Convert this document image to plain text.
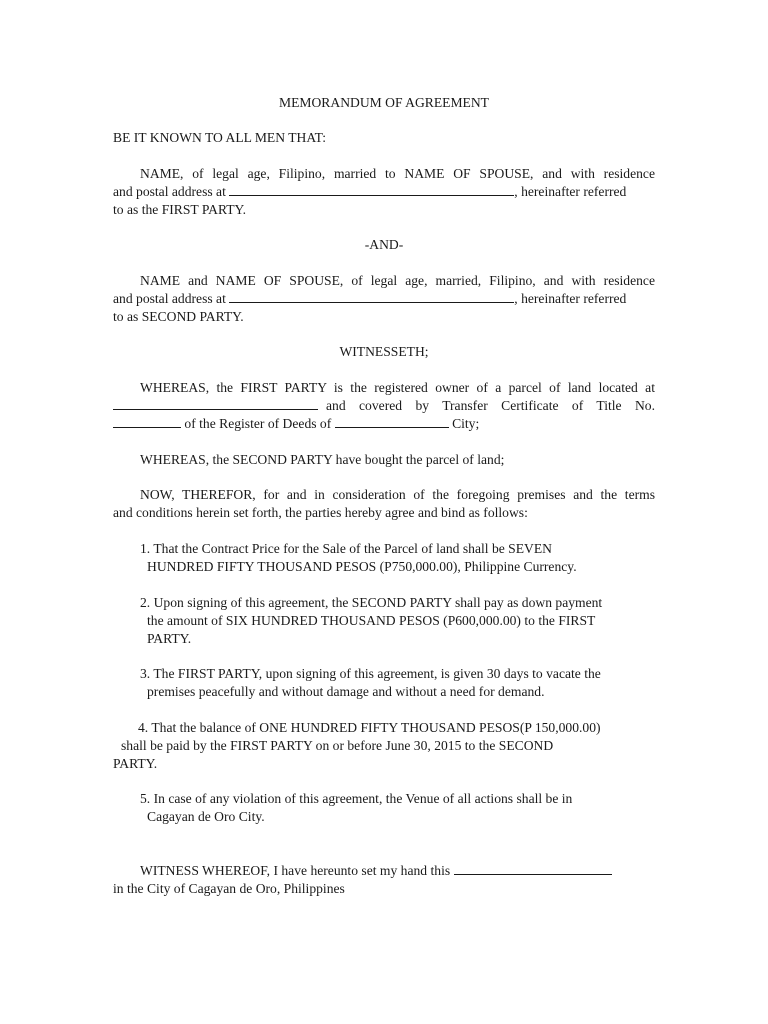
MEMORANDUM OF AGREEMENT
BE IT KNOWN TO ALL MEN THAT:
NAME, of legal age, Filipino, married to NAME OF SPOUSE, and with residence
and postal address at	, hereinafter referred
to as the FIRST PARTY.
-AND-
NAME and NAME OF SPOUSE, of legal age, married, Filipino, and with residence
and postal address at	, hereinafter referred
to as SECOND PARTY.
WITNESSETH;
WHEREAS, the FIRST PARTY is the registered owner of a parcel of land located at
and covered by Transfer Certificate of Title No.
of the Register of Deeds of	City;
WHEREAS, the SECOND PARTY have bought the parcel of land;
NOW, THEREFOR, for and in consideration of the foregoing premises and the terms
and conditions herein set forth, the parties hereby agree and bind as follows:
1. That the Contract Price for the Sale of the Parcel of land shall be SEVEN
HUNDRED FIFTY THOUSAND PESOS (P750,000.00), Philippine Currency.
2. Upon signing of this agreement, the SECOND PARTY shall pay as down payment
the amount of SIX HUNDRED THOUSAND PESOS (P600,000.00) to the FIRST
PARTY.
3. The FIRST PARTY, upon signing of this agreement, is given 30 days to vacate the
premises peacefully and without damage and without a need for demand.
4. That the balance of ONE HUNDRED FIFTY THOUSAND PESOS(P 150,000.00)
shall be paid by the FIRST PARTY on or before June 30, 2015 to the SECOND
PARTY.
5. In case of any violation of this agreement, the Venue of all actions shall be in
Cagayan de Oro City.
WITNESS WHEREOF, I have hereunto set my hand this
in the City of Cagayan de Oro, Philippines
